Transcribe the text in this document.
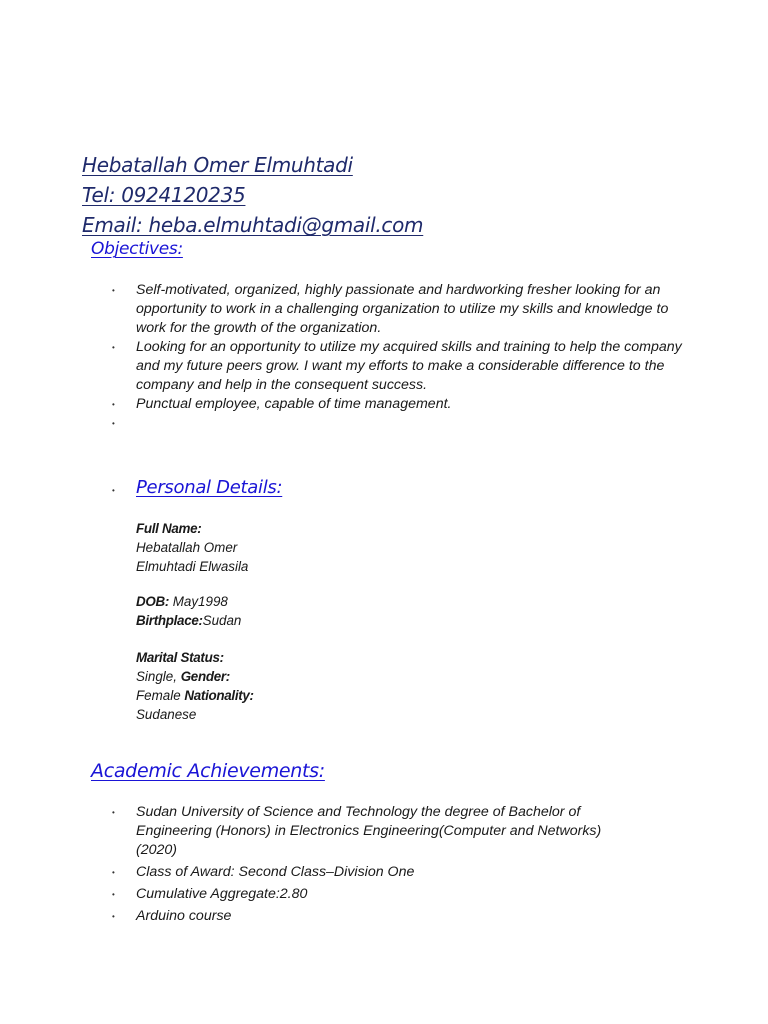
Hebatallah Omer Elmuhtadi
Tel: 0924120235
Email: heba.elmuhtadi@gmail.com
Objectives:
•	Self-motivated, organized, highly passionate and hardworking fresher looking for an opportunity to work in a challenging organization to utilize my skills and knowledge to work for the growth of the organization.
•	Looking for an opportunity to utilize my acquired skills and training to help the company and my future peers grow. I want my efforts to make a considerable difference to the company and help in the consequent success.
•	Punctual employee, capable of time management.
•

•	Personal Details:
Full Name:
Hebatallah Omer
Elmuhtadi Elwasila
DOB: May1998
Birthplace:Sudan
Marital Status:
Single, Gender:
Female Nationality:
Sudanese
Academic Achievements:
•	Sudan University of Science and Technology the degree of Bachelor of Engineering (Honors) in Electronics Engineering(Computer and Networks) (2020)
•	Class of Award: Second Class–Division One
•	Cumulative Aggregate:2.80
•	Arduino course
